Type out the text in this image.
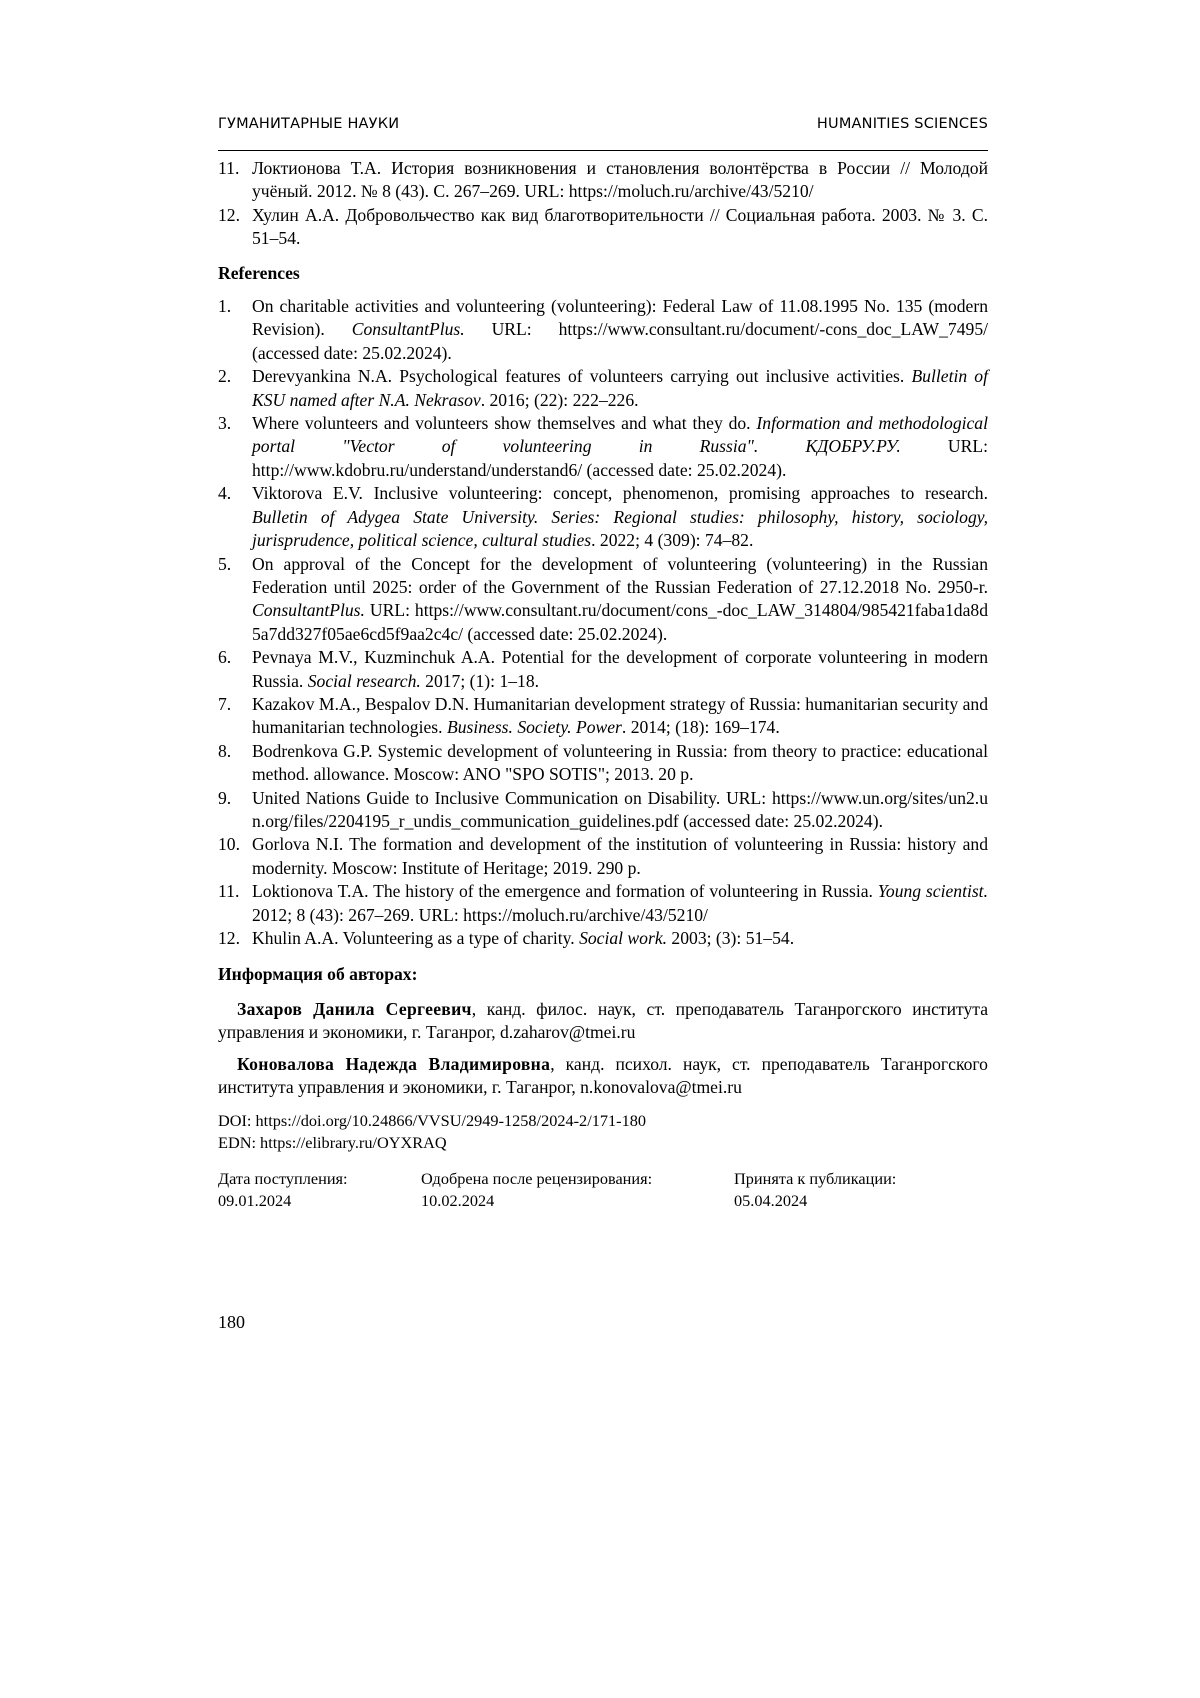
ГУМАНИТАРНЫЕ НАУКИ	HUMANITIES SCIENCES
11. Локтионова Т.А. История возникновения и становления волонтёрства в России // Молодой учёный. 2012. № 8 (43). С. 267–269. URL: https://moluch.ru/archive/43/5210/
12. Хулин А.А. Добровольчество как вид благотворительности // Социальная работа. 2003. № 3. С. 51–54.
References
1. On charitable activities and volunteering (volunteering): Federal Law of 11.08.1995 No. 135 (modern Revision). ConsultantPlus. URL: https://www.consultant.ru/document/-cons_doc_LAW_7495/ (accessed date: 25.02.2024).
2. Derevyankina N.A. Psychological features of volunteers carrying out inclusive activities. Bulletin of KSU named after N.A. Nekrasov. 2016; (22): 222–226.
3. Where volunteers and volunteers show themselves and what they do. Information and methodological portal "Vector of volunteering in Russia". КДОБРУ.РУ. URL: http://www.kdobru.ru/understand/understand6/ (accessed date: 25.02.2024).
4. Viktorova E.V. Inclusive volunteering: concept, phenomenon, promising approaches to research. Bulletin of Adygea State University. Series: Regional studies: philosophy, history, sociology, jurisprudence, political science, cultural studies. 2022; 4 (309): 74–82.
5. On approval of the Concept for the development of volunteering (volunteering) in the Russian Federation until 2025: order of the Government of the Russian Federation of 27.12.2018 No. 2950-r. ConsultantPlus. URL: https://www.consultant.ru/document/cons_-doc_LAW_314804/985421faba1da8d5a7dd327f05ae6cd5f9aa2c4c/ (accessed date: 25.02.2024).
6. Pevnaya M.V., Kuzminchuk A.A. Potential for the development of corporate volunteering in modern Russia. Social research. 2017; (1): 1–18.
7. Kazakov M.A., Bespalov D.N. Humanitarian development strategy of Russia: humanitarian security and humanitarian technologies. Business. Society. Power. 2014; (18): 169–174.
8. Bodrenkova G.P. Systemic development of volunteering in Russia: from theory to practice: educational method. allowance. Moscow: ANO "SPO SOTIS"; 2013. 20 p.
9. United Nations Guide to Inclusive Communication on Disability. URL: https://www.un.org/sites/un2.un.org/files/2204195_r_undis_communication_guidelines.pdf (accessed date: 25.02.2024).
10. Gorlova N.I. The formation and development of the institution of volunteering in Russia: history and modernity. Moscow: Institute of Heritage; 2019. 290 p.
11. Loktionova T.A. The history of the emergence and formation of volunteering in Russia. Young scientist. 2012; 8 (43): 267–269. URL: https://moluch.ru/archive/43/5210/
12. Khulin A.A. Volunteering as a type of charity. Social work. 2003; (3): 51–54.
Информация об авторах:
Захаров Данила Сергеевич, канд. филос. наук, ст. преподаватель Таганрогского института управления и экономики, г. Таганрог, d.zaharov@tmei.ru
Коновалова Надежда Владимировна, канд. психол. наук, ст. преподаватель Таганрогского института управления и экономики, г. Таганрог, n.konovalova@tmei.ru
DOI: https://doi.org/10.24866/VVSU/2949-1258/2024-2/171-180
EDN: https://elibrary.ru/OYXRAQ
Дата поступления:
09.01.2024
Одобрена после рецензирования:
10.02.2024
Принята к публикации:
05.04.2024
180
